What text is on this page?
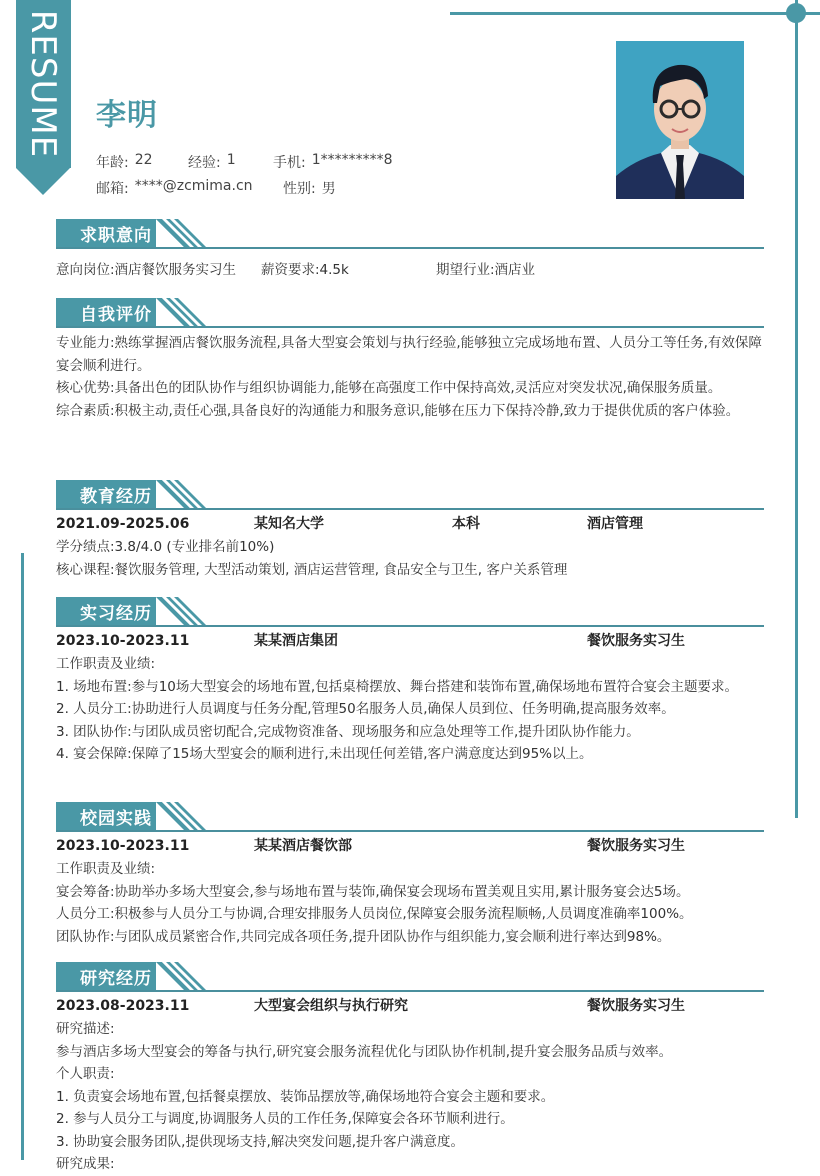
RESUME 李明
年龄: 22	经验: 1	手机: 1*********8
邮箱: ****@zcmima.cn 性别: 男
求职意向
意向岗位:酒店餐饮服务实习生	薪资要求:4.5k	期望行业:酒店业
自我评价
专业能力:熟练掌握酒店餐饮服务流程,具备大型宴会策划与执行经验,能够独立完成场地布置、人员分工等任务,有效保障宴会顺利进行。
核心优势:具备出色的团队协作与组织协调能力,能够在高强度工作中保持高效,灵活应对突发状况,确保服务质量。
综合素质:积极主动,责任心强,具备良好的沟通能力和服务意识,能够在压力下保持冷静,致力于提供优质的客户体验。
教育经历
2021.09-2025.06	某知名大学	本科	酒店管理
学分绩点:3.8/4.0 (专业排名前10%)
核心课程:餐饮服务管理, 大型活动策划, 酒店运营管理, 食品安全与卫生, 客户关系管理
实习经历
2023.10-2023.11	某某酒店集团	餐饮服务实习生
工作职责及业绩:
1. 场地布置:参与10场大型宴会的场地布置,包括桌椅摆放、舞台搭建和装饰布置,确保场地布置符合宴会主题要求。
2. 人员分工:协助进行人员调度与任务分配,管理50名服务人员,确保人员到位、任务明确,提高服务效率。
3. 团队协作:与团队成员密切配合,完成物资准备、现场服务和应急处理等工作,提升团队协作能力。
4. 宴会保障:保障了15场大型宴会的顺利进行,未出现任何差错,客户满意度达到95%以上。
校园实践
2023.10-2023.11	某某酒店餐饮部	餐饮服务实习生
工作职责及业绩:
宴会筹备:协助举办多场大型宴会,参与场地布置与装饰,确保宴会现场布置美观且实用,累计服务宴会达5场。
人员分工:积极参与人员分工与协调,合理安排服务人员岗位,保障宴会服务流程顺畅,人员调度准确率100%。
团队协作:与团队成员紧密合作,共同完成各项任务,提升团队协作与组织能力,宴会顺利进行率达到98%。
研究经历
2023.08-2023.11	大型宴会组织与执行研究	餐饮服务实习生
研究描述:
参与酒店多场大型宴会的筹备与执行,研究宴会服务流程优化与团队协作机制,提升宴会服务品质与效率。
个人职责:
1. 负责宴会场地布置,包括餐桌摆放、装饰品摆放等,确保场地符合宴会主题和要求。
2. 参与人员分工与调度,协调服务人员的工作任务,保障宴会各环节顺利进行。
3. 协助宴会服务团队,提供现场支持,解决突发问题,提升客户满意度。
研究成果:
